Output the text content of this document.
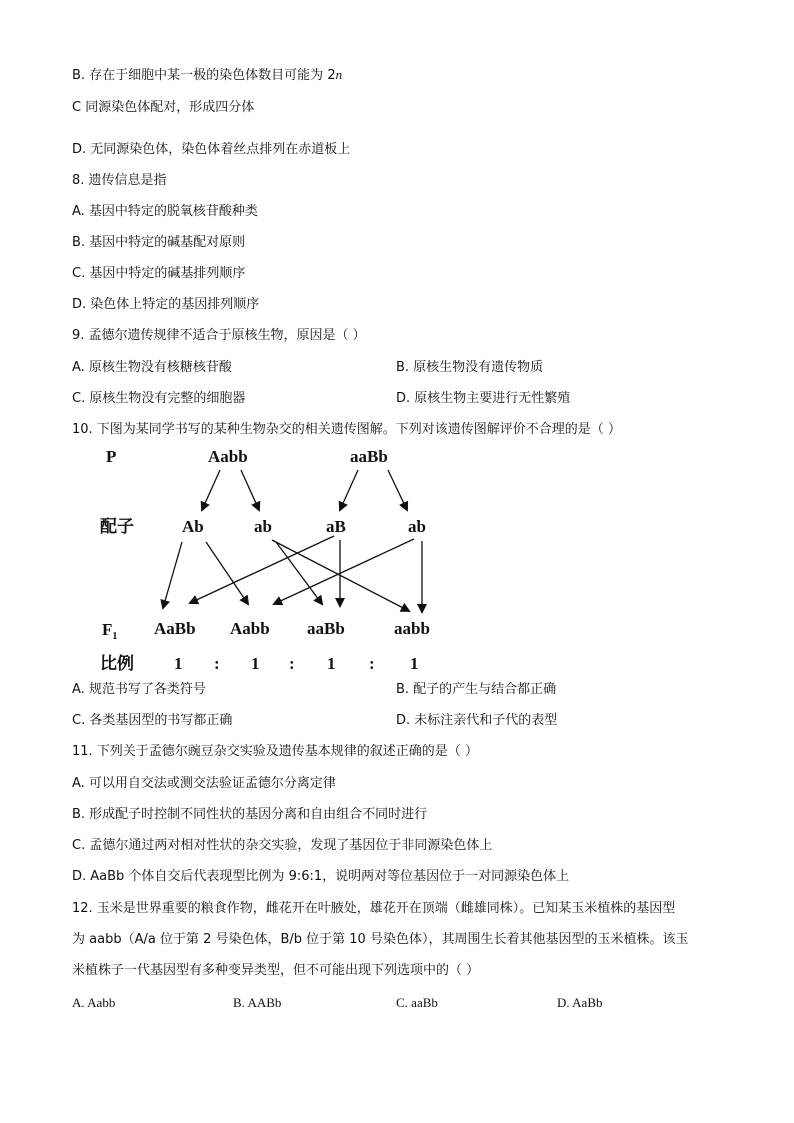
B. 存在于细胞中某一极的染色体数目可能为 2n
C 同源染色体配对，形成四分体
D. 无同源染色体，染色体着丝点排列在赤道板上
8. 遗传信息是指
A. 基因中特定的脱氧核苷酸种类
B. 基因中特定的碱基配对原则
C. 基因中特定的碱基排列顺序
D. 染色体上特定的基因排列顺序
9. 孟德尔遗传规律不适合于原核生物，原因是（ ）
A. 原核生物没有核糖核苷酸	B. 原核生物没有遗传物质
C. 原核生物没有完整的细胞器	D. 原核生物主要进行无性繁殖
10. 下图为某同学书写的某种生物杂交的相关遗传图解。下列对该遗传图解评价不合理的是（ ）
P
配子
$F_1$
比例
Aabb	aaBb
Ab	ab	aB	ab
AaBb Aabb aaBb	aabb
1 : 1 : 1 : 1
A. 规范书写了各类符号	B. 配子的产生与结合都正确
C. 各类基因型的书写都正确	D. 未标注亲代和子代的表型
11. 下列关于孟德尔豌豆杂交实验及遗传基本规律的叙述正确的是（ ）
A. 可以用自交法或测交法验证孟德尔分离定律
B. 形成配子时控制不同性状的基因分离和自由组合不同时进行
C. 孟德尔通过两对相对性状的杂交实验，发现了基因位于非同源染色体上
D. AaBb 个体自交后代表现型比例为 9:6:1，说明两对等位基因位于一对同源染色体上
12. 玉米是世界重要的粮食作物，雌花开在叶腋处，雄花开在顶端（雌雄同株）。已知某玉米植株的基因型
为 aabb（A/a 位于第 2 号染色体，B/b 位于第 10 号染色体），其周围生长着其他基因型的玉米植株。该玉
米植株子一代基因型有多种变异类型，但不可能出现下列选项中的（ ）
A. Aabb	B. AABb	C. aaBb	D. AaBb
